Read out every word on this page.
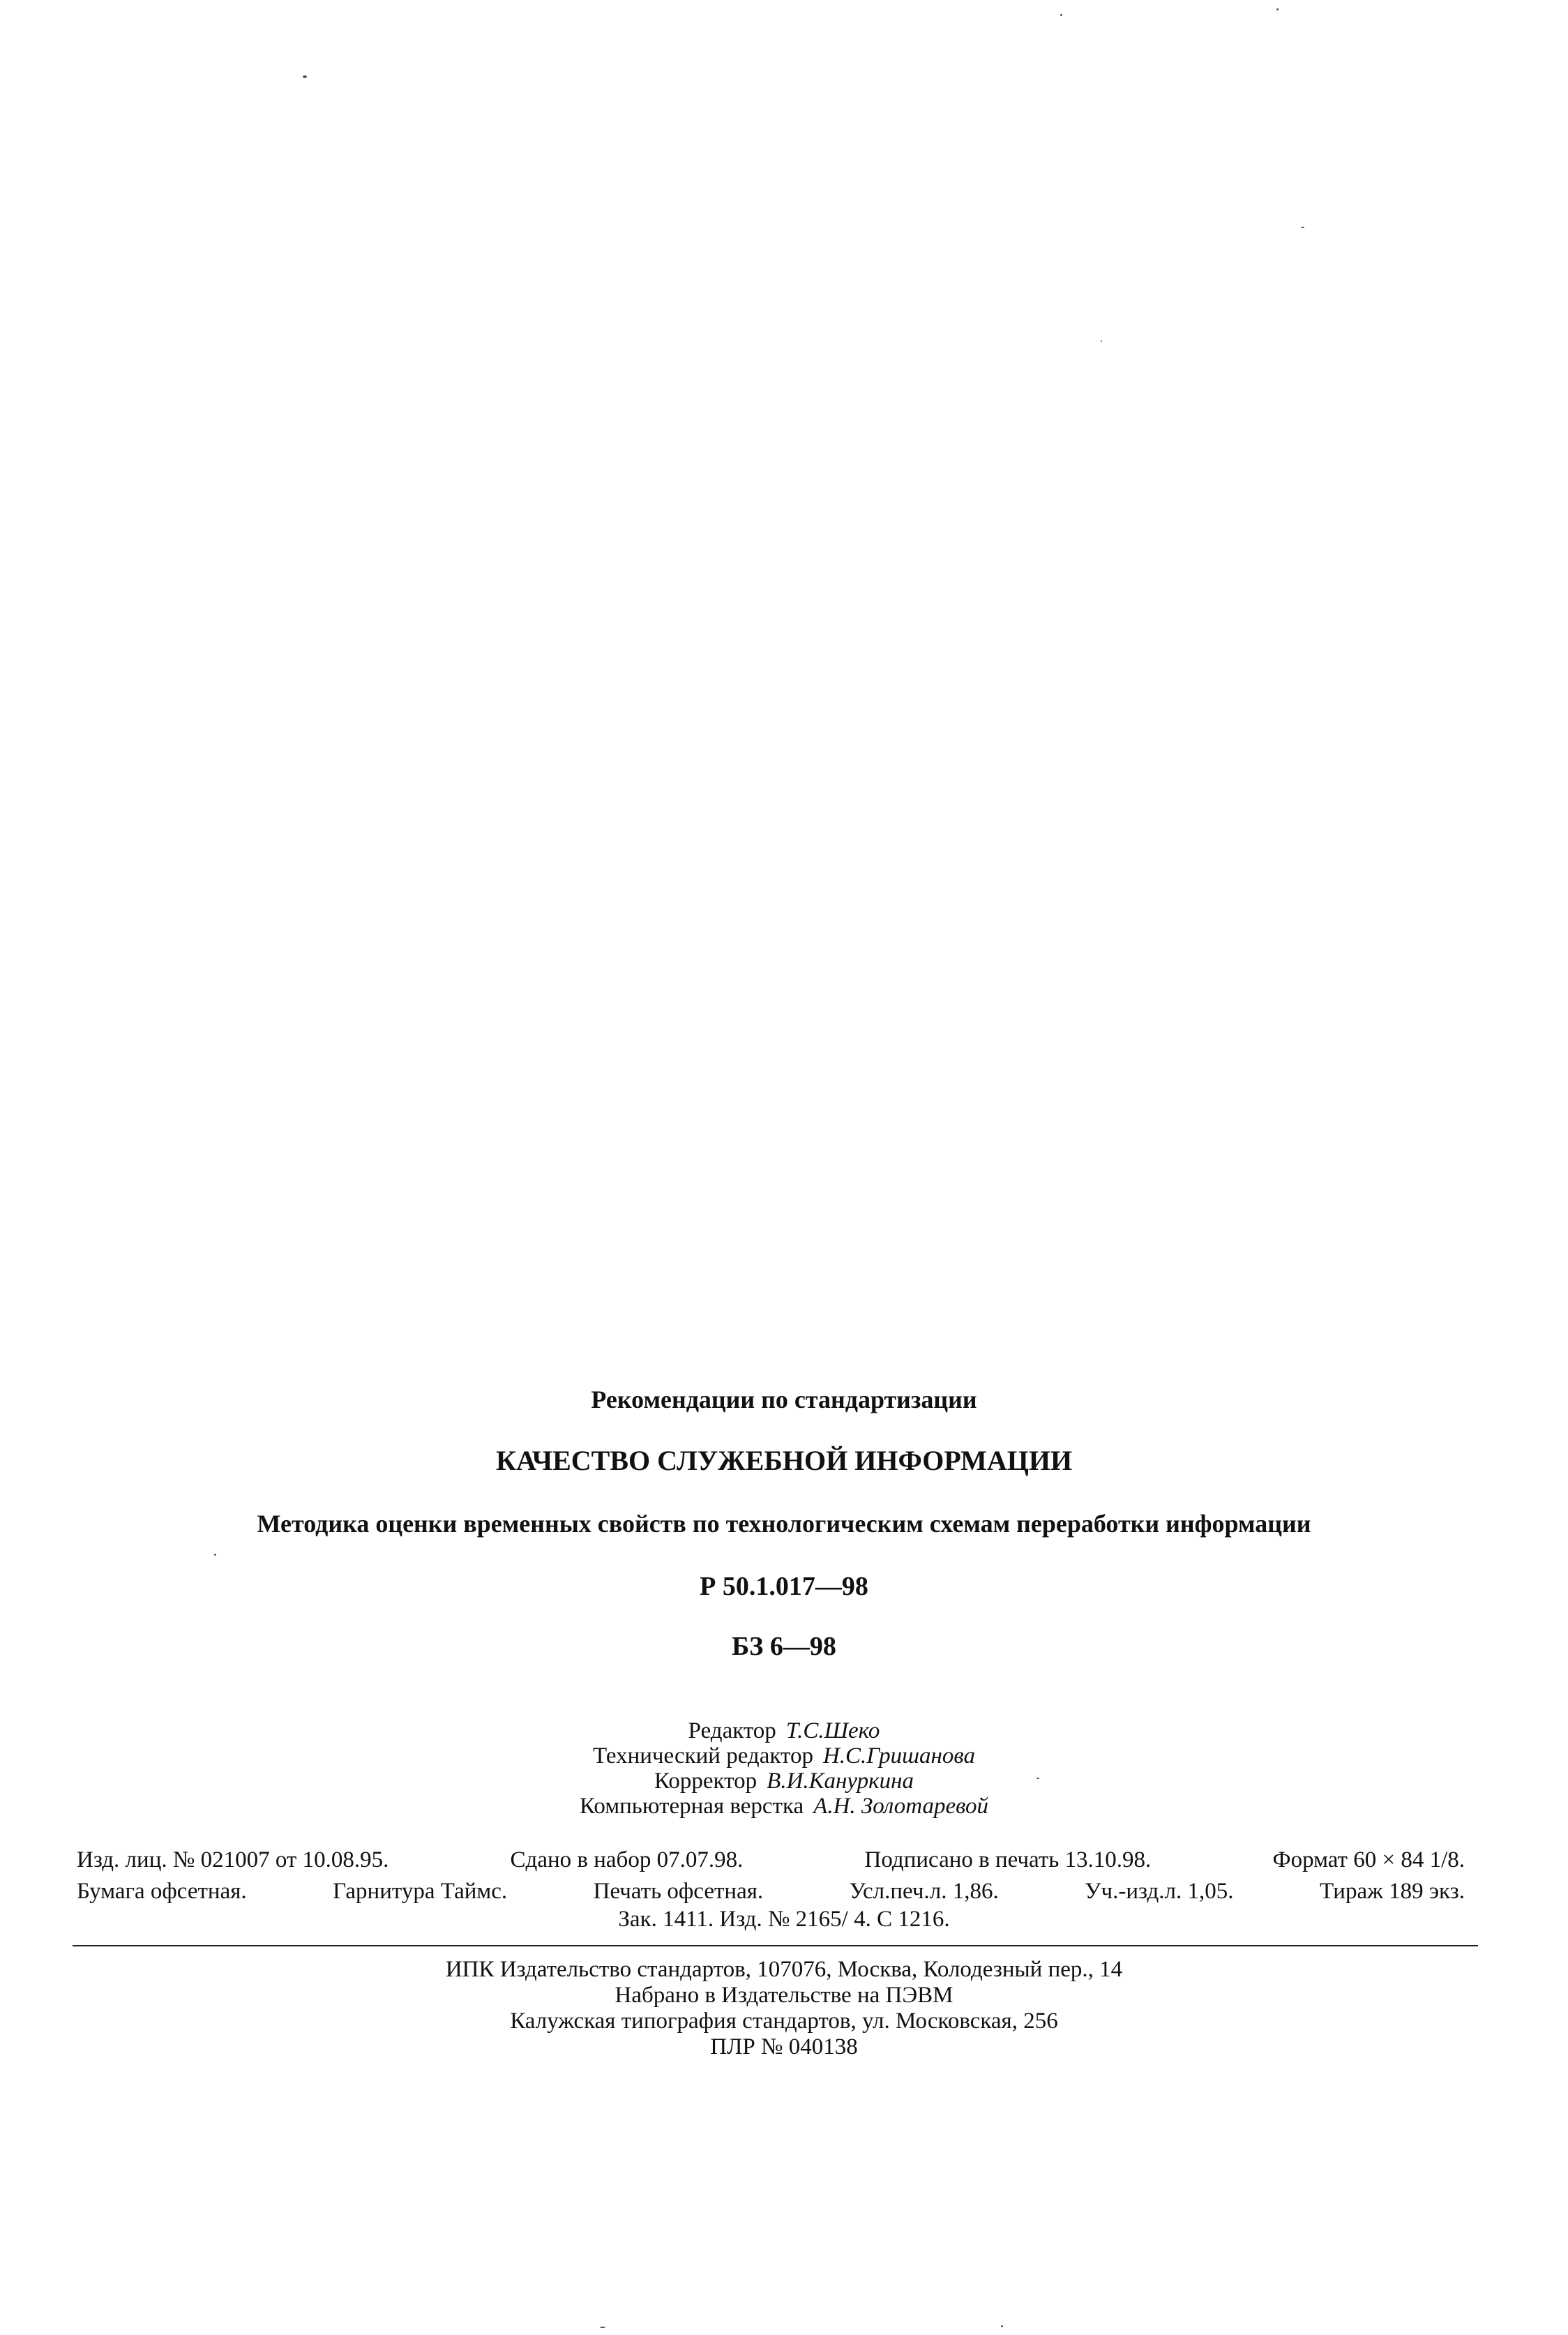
Рекомендации по стандартизации
КАЧЕСТВО СЛУЖЕБНОЙ ИНФОРМАЦИИ
Методика оценки временных свойств по технологическим схемам переработки информации
Р 50.1.017—98
БЗ 6—98
Редактор Т.С.Шеко
Технический редактор Н.С.Гришанова
Корректор В.И.Кануркина
Компьютерная верстка А.Н. Золотаревой
Изд. лиц. № 021007 от 10.08.95.	Сдано в набор 07.07.98.	Подписано в печать 13.10.98.	Формат 60 × 84 1/8.
Бумага офсетная.	Гарнитура Таймс.	Печать офсетная.	Усл.печ.л. 1,86.	Уч.-изд.л. 1,05.	Тираж 189 экз.
Зак. 1411. Изд. № 2165/ 4. С 1216.
ИПК Издательство стандартов, 107076, Москва, Колодезный пер., 14
Набрано в Издательстве на ПЭВМ
Калужская типография стандартов, ул. Московская, 256
ПЛР № 040138
